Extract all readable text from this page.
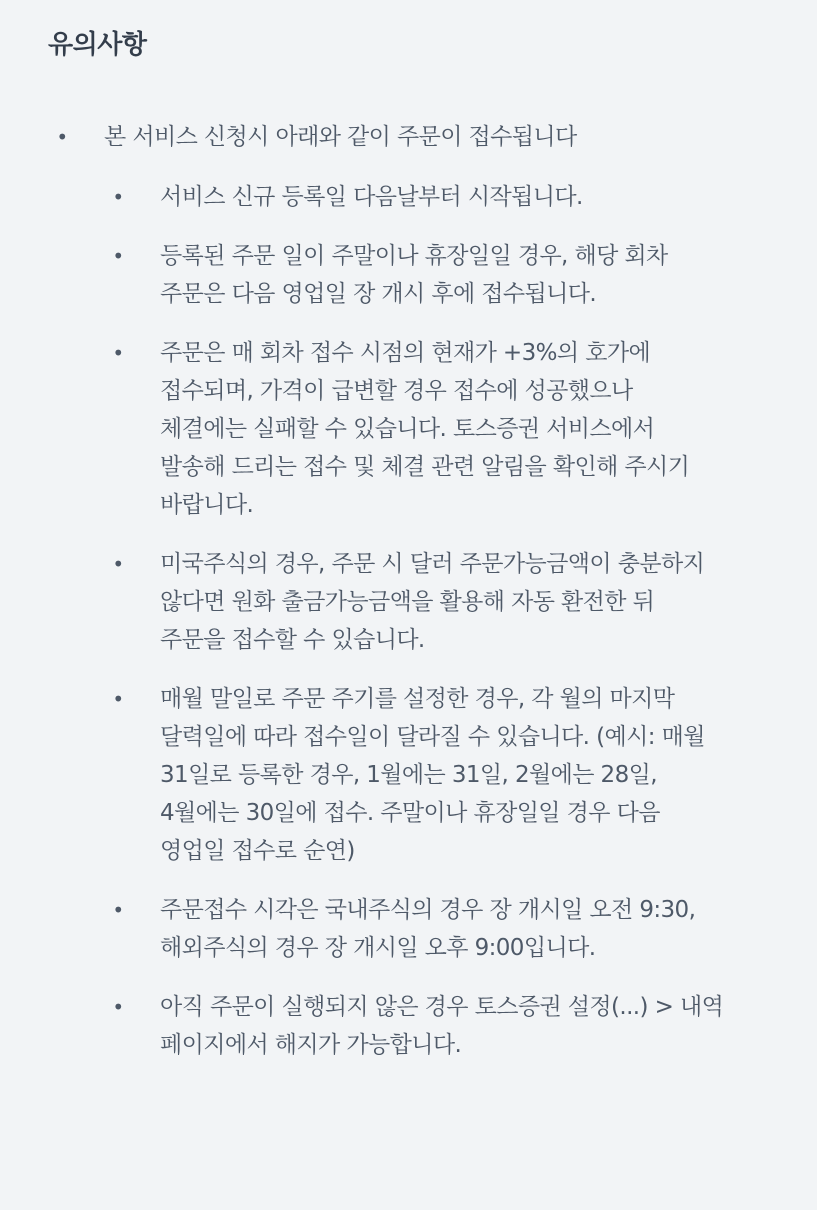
유의사항
• 본 서비스 신청시 아래와 같이 주문이 접수됩니다
• 서비스 신규 등록일 다음날부터 시작됩니다.
• 등록된 주문 일이 주말이나 휴장일일 경우, 해당 회차
주문은 다음 영업일 장 개시 후에 접수됩니다.
• 주문은 매 회차 접수 시점의 현재가 +3%의 호가에
접수되며, 가격이 급변할 경우 접수에 성공했으나
체결에는 실패할 수 있습니다. 토스증권 서비스에서
발송해 드리는 접수 및 체결 관련 알림을 확인해 주시기
바랍니다.
• 미국주식의 경우, 주문 시 달러 주문가능금액이 충분하지
않다면 원화 출금가능금액을 활용해 자동 환전한 뒤
주문을 접수할 수 있습니다.
• 매월 말일로 주문 주기를 설정한 경우, 각 월의 마지막
달력일에 따라 접수일이 달라질 수 있습니다. (예시: 매월
31일로 등록한 경우, 1월에는 31일, 2월에는 28일,
4월에는 30일에 접수. 주말이나 휴장일일 경우 다음
영업일 접수로 순연)
• 주문접수 시각은 국내주식의 경우 장 개시일 오전 9:30,
해외주식의 경우 장 개시일 오후 9:00입니다.
• 아직 주문이 실행되지 않은 경우 토스증권 설정(...) > 내역
페이지에서 해지가 가능합니다.
